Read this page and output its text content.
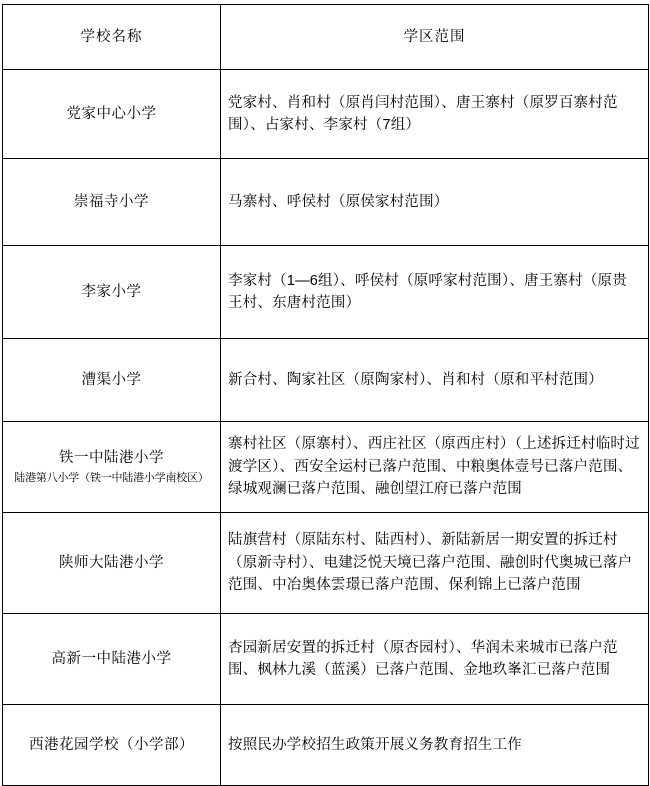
学校名称	学区范围

党家中心小学	党家村、肖和村（原肖闫村范围）、唐王寨村（原罗百寨村范围）、占家村、李家村（7组）

崇福寺小学	马寨村、呼侯村（原侯家村范围）

李家小学	李家村（1—6组）、呼侯村（原呼家村范围）、唐王寨村（原贵王村、东唐村范围）

漕渠小学	新合村、陶家社区（原陶家村）、肖和村（原和平村范围）

铁一中陆港小学
陆港第八小学（铁一中陆港小学南校区）	寨村社区（原寨村）、西庄社区（原西庄村）（上述拆迁村临时过渡学区）、西安全运村已落户范围、中粮奥体壹号已落户范围、绿城观澜已落户范围、融创望江府已落户范围

陕师大陆港小学	陆旗营村（原陆东村、陆西村）、新陆新居一期安置的拆迁村（原新寺村）、电建泛悦天境已落户范围、融创时代奥城已落户范围、中冶奥体雲璟已落户范围、保利锦上已落户范围

高新一中陆港小学	杏园新居安置的拆迁村（原杏园村）、华润未来城市已落户范围、枫林九溪（蓝溪）已落户范围、金地玖峯汇已落户范围

西港花园学校（小学部）	按照民办学校招生政策开展义务教育招生工作
